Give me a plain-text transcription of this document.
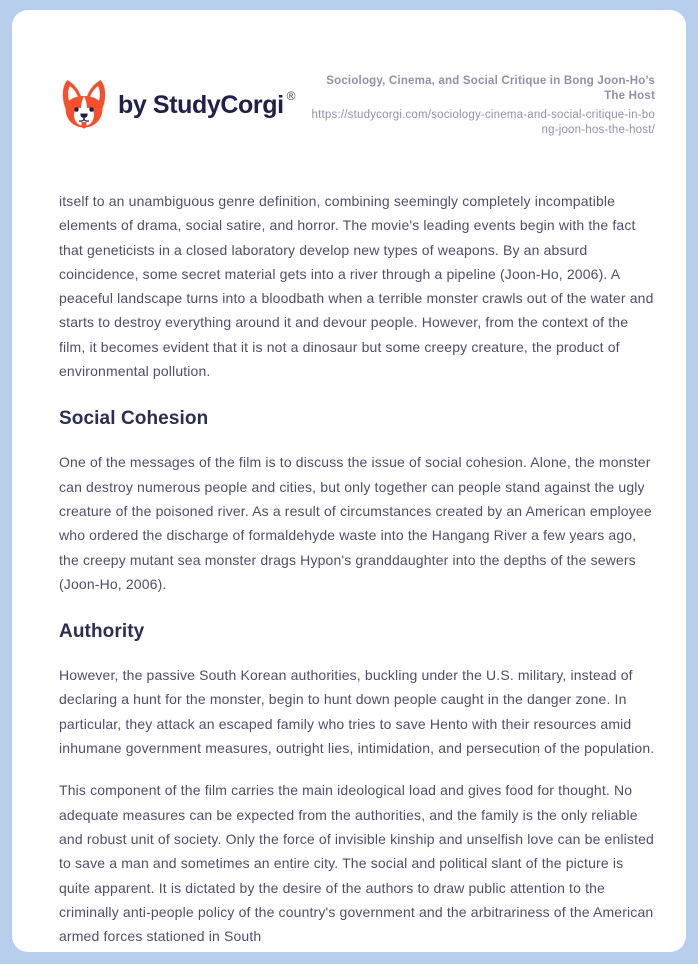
by StudyCorgi ®
Sociology, Cinema, and Social Critique in Bong Joon-Ho’s The Host
https://studycorgi.com/sociology-cinema-and-social-critique-in-bong-joon-hos-the-host/

itself to an unambiguous genre definition, combining seemingly completely incompatible elements of drama, social satire, and horror. The movie's leading events begin with the fact that geneticists in a closed laboratory develop new types of weapons. By an absurd coincidence, some secret material gets into a river through a pipeline (Joon-Ho, 2006). A peaceful landscape turns into a bloodbath when a terrible monster crawls out of the water and starts to destroy everything around it and devour people. However, from the context of the film, it becomes evident that it is not a dinosaur but some creepy creature, the product of environmental pollution.

Social Cohesion

One of the messages of the film is to discuss the issue of social cohesion. Alone, the monster can destroy numerous people and cities, but only together can people stand against the ugly creature of the poisoned river. As a result of circumstances created by an American employee who ordered the discharge of formaldehyde waste into the Hangang River a few years ago, the creepy mutant sea monster drags Hypon's granddaughter into the depths of the sewers (Joon-Ho, 2006).

Authority

However, the passive South Korean authorities, buckling under the U.S. military, instead of declaring a hunt for the monster, begin to hunt down people caught in the danger zone. In particular, they attack an escaped family who tries to save Hento with their resources amid inhumane government measures, outright lies, intimidation, and persecution of the population.

This component of the film carries the main ideological load and gives food for thought. No adequate measures can be expected from the authorities, and the family is the only reliable and robust unit of society. Only the force of invisible kinship and unselfish love can be enlisted to save a man and sometimes an entire city. The social and political slant of the picture is quite apparent. It is dictated by the desire of the authors to draw public attention to the criminally anti-people policy of the country's government and the arbitrariness of the American armed forces stationed in South
